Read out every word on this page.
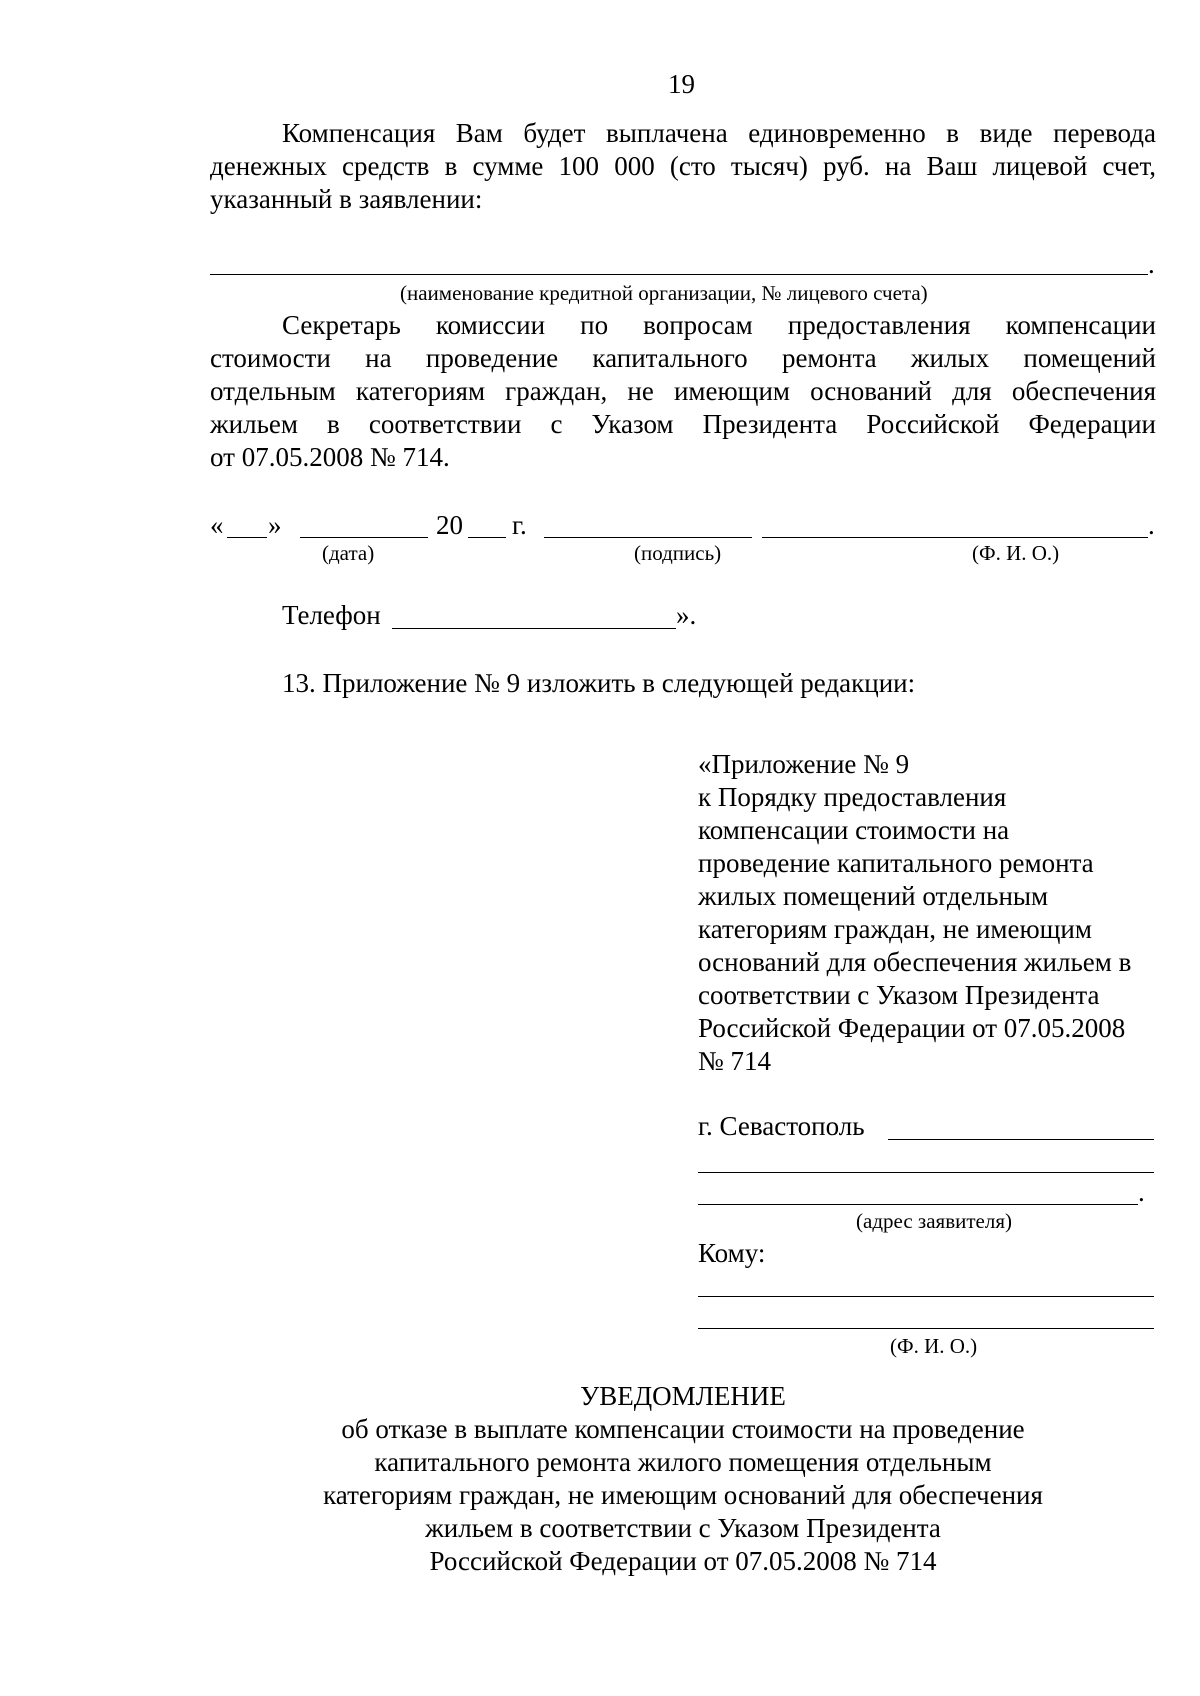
19
Компенсация Вам будет выплачена единовременно в виде перевода
денежных средств в сумме 100 000 (сто тысяч) руб. на Ваш лицевой счет,
указанный в заявлении:
.
(наименование кредитной организации, № лицевого счета)
Секретарь комиссии по вопросам предоставления компенсации
стоимости на проведение капитального ремонта жилых помещений
отдельным категориям граждан, не имеющим оснований для обеспечения
жильем в соответствии с Указом Президента Российской Федерации
от 07.05.2008 № 714.
« »	20 г.	.
(дата)	(подпись)	(Ф. И. О.)
Телефон	».
13. Приложение № 9 изложить в следующей редакции:
«Приложение № 9
к Порядку предоставления
компенсации стоимости на
проведение капитального ремонта
жилых помещений отдельным
категориям граждан, не имеющим
оснований для обеспечения жильем в
соответствии с Указом Президента
Российской Федерации от 07.05.2008
№ 714
г. Севастополь
.
(адрес заявителя)
Кому:
(Ф. И. О.)
УВЕДОМЛЕНИЕ
об отказе в выплате компенсации стоимости на проведение
капитального ремонта жилого помещения отдельным
категориям граждан, не имеющим оснований для обеспечения
жильем в соответствии с Указом Президента
Российской Федерации от 07.05.2008 № 714
